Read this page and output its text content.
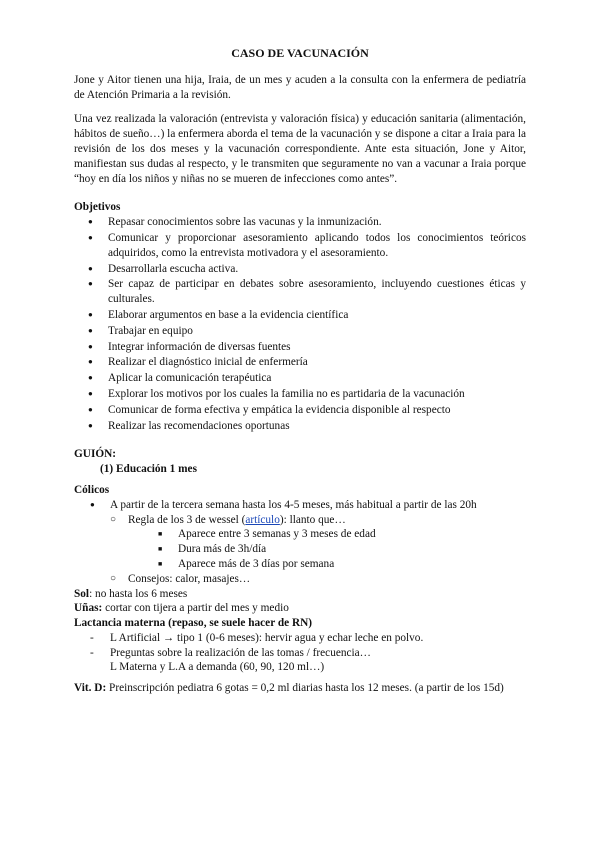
CASO DE VACUNACIÓN

Jone y Aitor tienen una hija, Iraia, de un mes y acuden a la consulta con la enfermera de pediatría de Atención Primaria a la revisión.

Una vez realizada la valoración (entrevista y valoración física) y educación sanitaria (alimentación, hábitos de sueño…) la enfermera aborda el tema de la vacunación y se dispone a citar a Iraia para la revisión de los dos meses y la vacunación correspondiente. Ante esta situación, Jone y Aitor, manifiestan sus dudas al respecto, y le transmiten que seguramente no van a vacunar a Iraia porque “hoy en día los niños y niñas no se mueren de infecciones como antes”.

Objetivos
● Repasar conocimientos sobre las vacunas y la inmunización.
● Comunicar y proporcionar asesoramiento aplicando todos los conocimientos teóricos adquiridos, como la entrevista motivadora y el asesoramiento.
● Desarrollarla escucha activa.
● Ser capaz de participar en debates sobre asesoramiento, incluyendo cuestiones éticas y culturales.
● Elaborar argumentos en base a la evidencia científica
● Trabajar en equipo
● Integrar información de diversas fuentes
● Realizar el diagnóstico inicial de enfermería
● Aplicar la comunicación terapéutica
● Explorar los motivos por los cuales la familia no es partidaria de la vacunación
● Comunicar de forma efectiva y empática la evidencia disponible al respecto
● Realizar las recomendaciones oportunas
GUIÓN:
(1) Educación 1 mes
Cólicos
● A partir de la tercera semana hasta los 4-5 meses, más habitual a partir de las 20h
○ Regla de los 3 de wessel (artículo): llanto que…
■ Aparece entre 3 semanas y 3 meses de edad
■ Dura más de 3h/día
■ Aparece más de 3 días por semana
○ Consejos: calor, masajes…
Sol: no hasta los 6 meses
Uñas: cortar con tijera a partir del mes y medio
Lactancia materna (repaso, se suele hacer de RN)
- L Artificial → tipo 1 (0-6 meses): hervir agua y echar leche en polvo.
- Preguntas sobre la realización de las tomas / frecuencia…
L Materna y L.A a demanda (60, 90, 120 ml…)
Vit. D: Preinscripción pediatra 6 gotas = 0,2 ml diarias hasta los 12 meses. (a partir de los 15d)
